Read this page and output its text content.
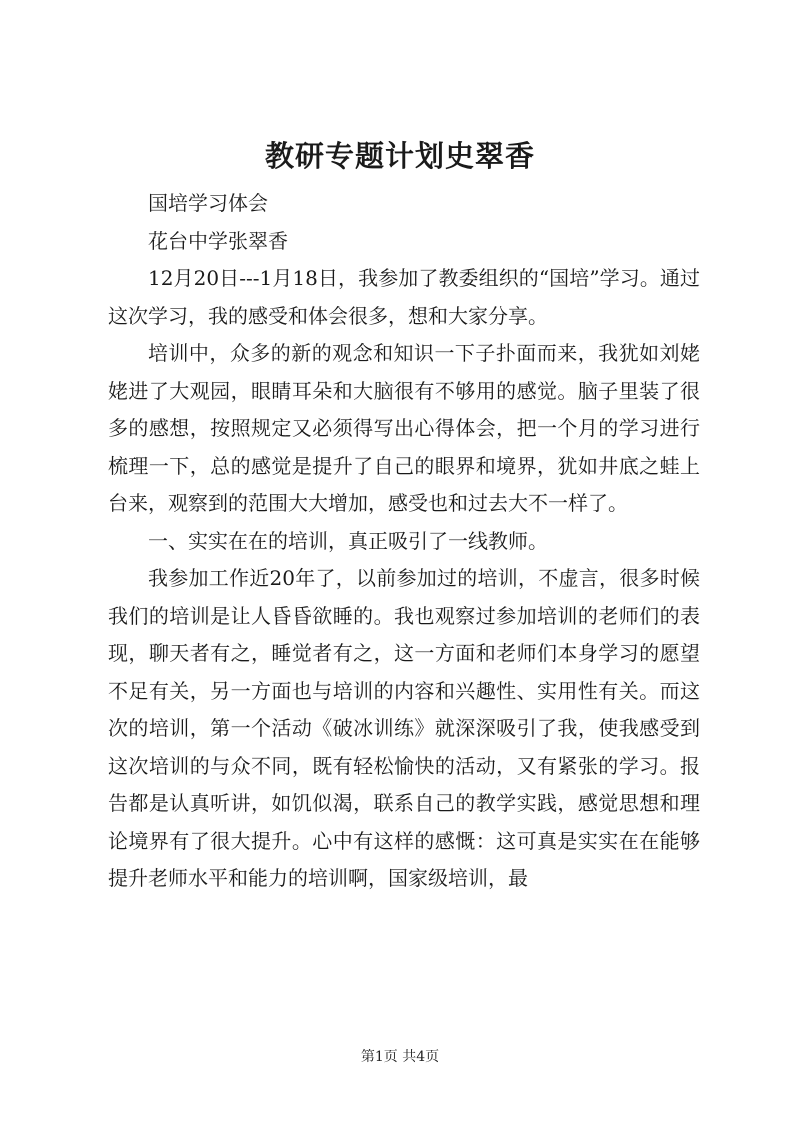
教研专题计划史翠香

国培学习体会

花台中学张翠香

12月20日---1月18日，我参加了教委组织的“国培”学习。通过这次学习，我的感受和体会很多，想和大家分享。

培训中，众多的新的观念和知识一下子扑面而来，我犹如刘姥姥进了大观园，眼睛耳朵和大脑很有不够用的感觉。脑子里装了很多的感想，按照规定又必须得写出心得体会，把一个月的学习进行梳理一下，总的感觉是提升了自己的眼界和境界，犹如井底之蛙上台来，观察到的范围大大增加，感受也和过去大不一样了。

一、实实在在的培训，真正吸引了一线教师。

我参加工作近20年了，以前参加过的培训，不虚言，很多时候我们的培训是让人昏昏欲睡的。我也观察过参加培训的老师们的表现，聊天者有之，睡觉者有之，这一方面和老师们本身学习的愿望不足有关，另一方面也与培训的内容和兴趣性、实用性有关。而这次的培训，第一个活动《破冰训练》就深深吸引了我，使我感受到这次培训的与众不同，既有轻松愉快的活动，又有紧张的学习。报告都是认真听讲，如饥似渴，联系自己的教学实践，感觉思想和理论境界有了很大提升。心中有这样的感慨：这可真是实实在在能够提升老师水平和能力的培训啊，国家级培训，最

第1页 共4页
